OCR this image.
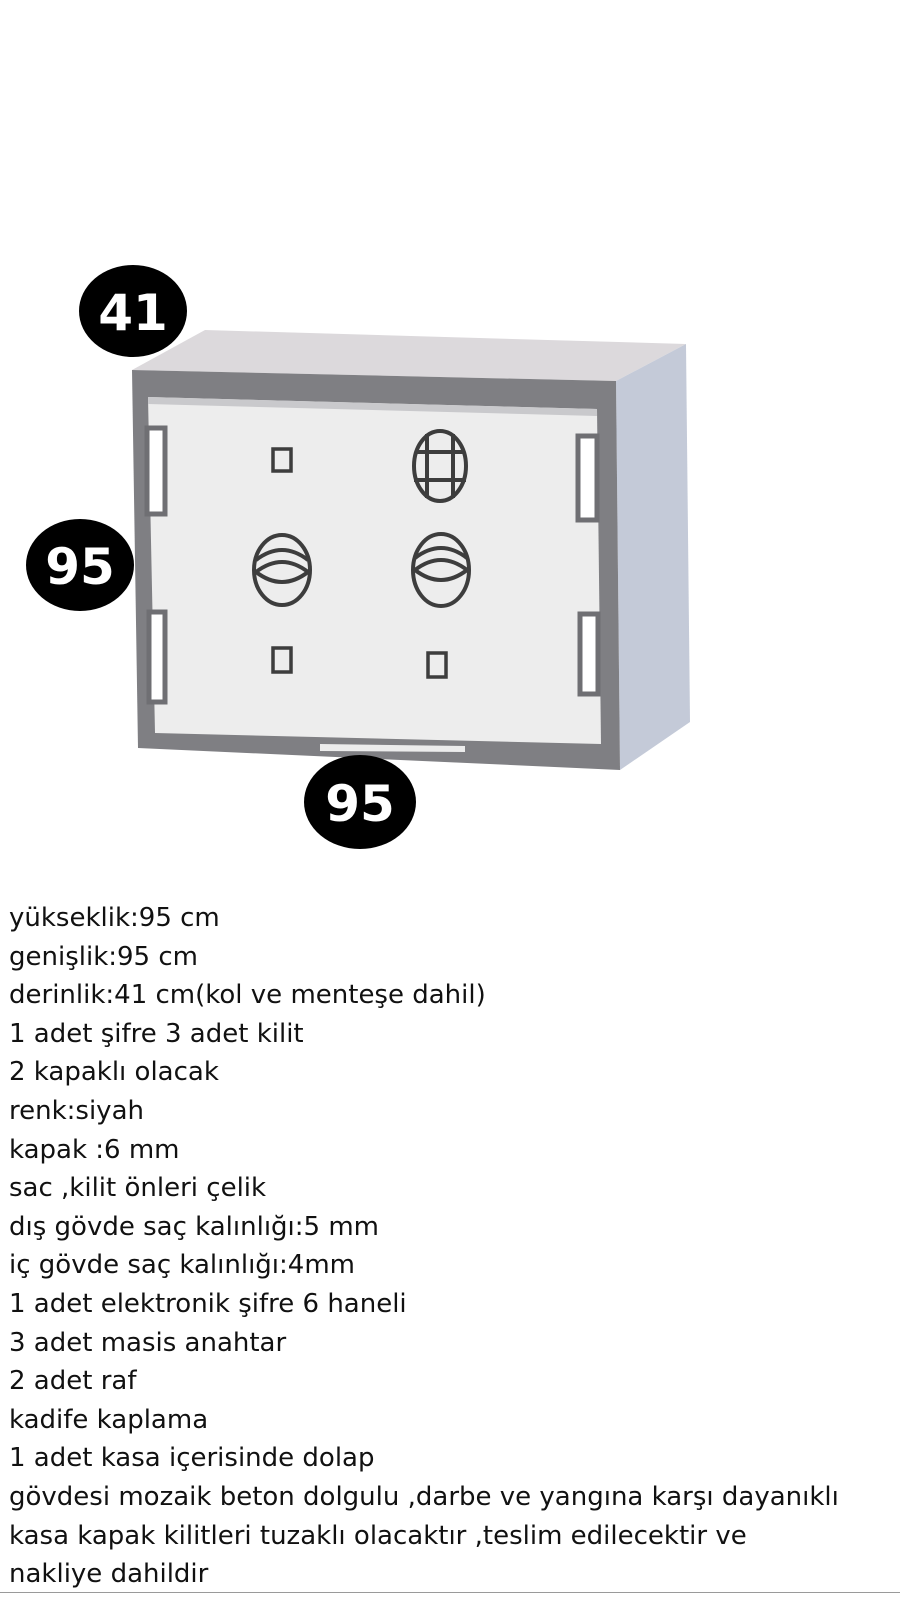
41
95
95
yükseklik:95 cm
genişlik:95 cm
derinlik:41 cm(kol ve menteşe dahil)
1 adet şifre 3 adet kilit
2 kapaklı olacak
renk:siyah
kapak :6 mm
sac ,kilit önleri çelik
dış gövde saç kalınlığı:5 mm
iç gövde saç kalınlığı:4mm
1 adet elektronik şifre 6 haneli
3 adet masis anahtar
2 adet raf
kadife kaplama
1 adet kasa içerisinde dolap
gövdesi mozaik beton dolgulu ,darbe ve yangına karşı dayanıklı
kasa kapak kilitleri tuzaklı olacaktır ,teslim edilecektir ve nakliye dahildir
